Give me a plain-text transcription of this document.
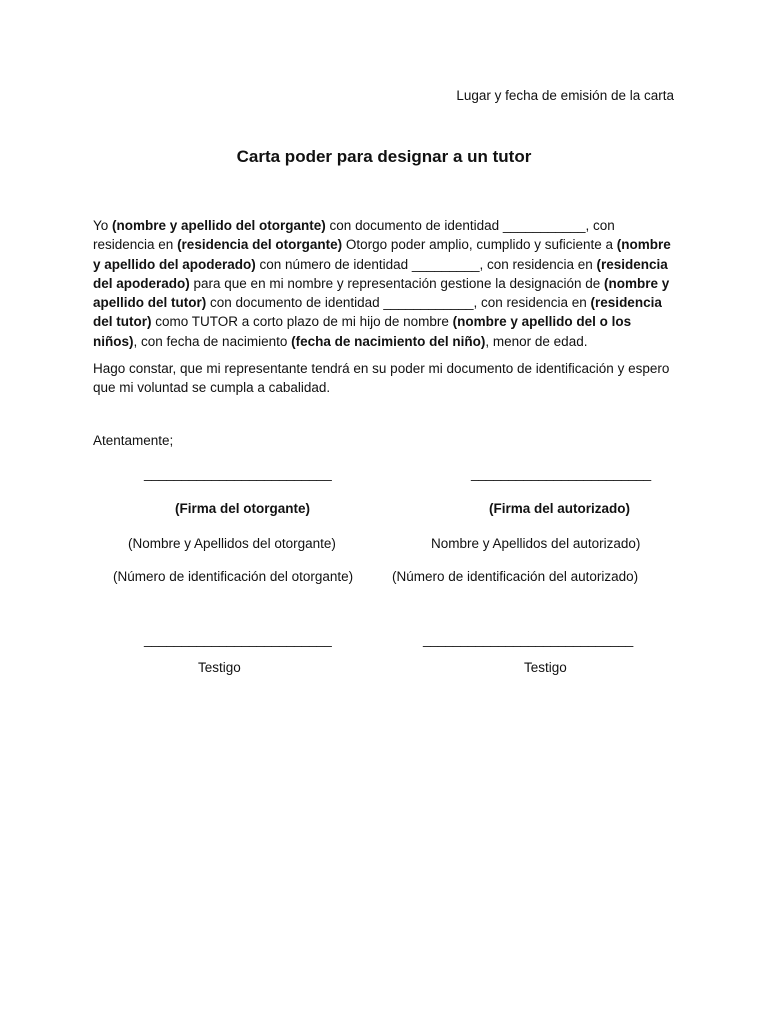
Lugar y fecha de emisión de la carta
Carta poder para designar a un tutor

Yo (nombre y apellido del otorgante) con documento de identidad ___________, con residencia en (residencia del otorgante) Otorgo poder amplio, cumplido y suficiente a (nombre y apellido del apoderado) con número de identidad _________, con residencia en (residencia del apoderado) para que en mi nombre y representación gestione la designación de (nombre y apellido del tutor) con documento de identidad ____________, con residencia en (residencia del tutor) como TUTOR a corto plazo de mi hijo de nombre (nombre y apellido del o los niños), con fecha de nacimiento (fecha de nacimiento del niño), menor de edad.

Hago constar, que mi representante tendrá en su poder mi documento de identificación y espero que mi voluntad se cumpla a cabalidad.

Atentamente;
_________________________	________________________
(Firma del otorgante)	(Firma del autorizado)
(Nombre y Apellidos del otorgante)	Nombre y Apellidos del autorizado)
(Número de identificación del otorgante)	(Número de identificación del autorizado)
_________________________	____________________________
Testigo	Testigo
